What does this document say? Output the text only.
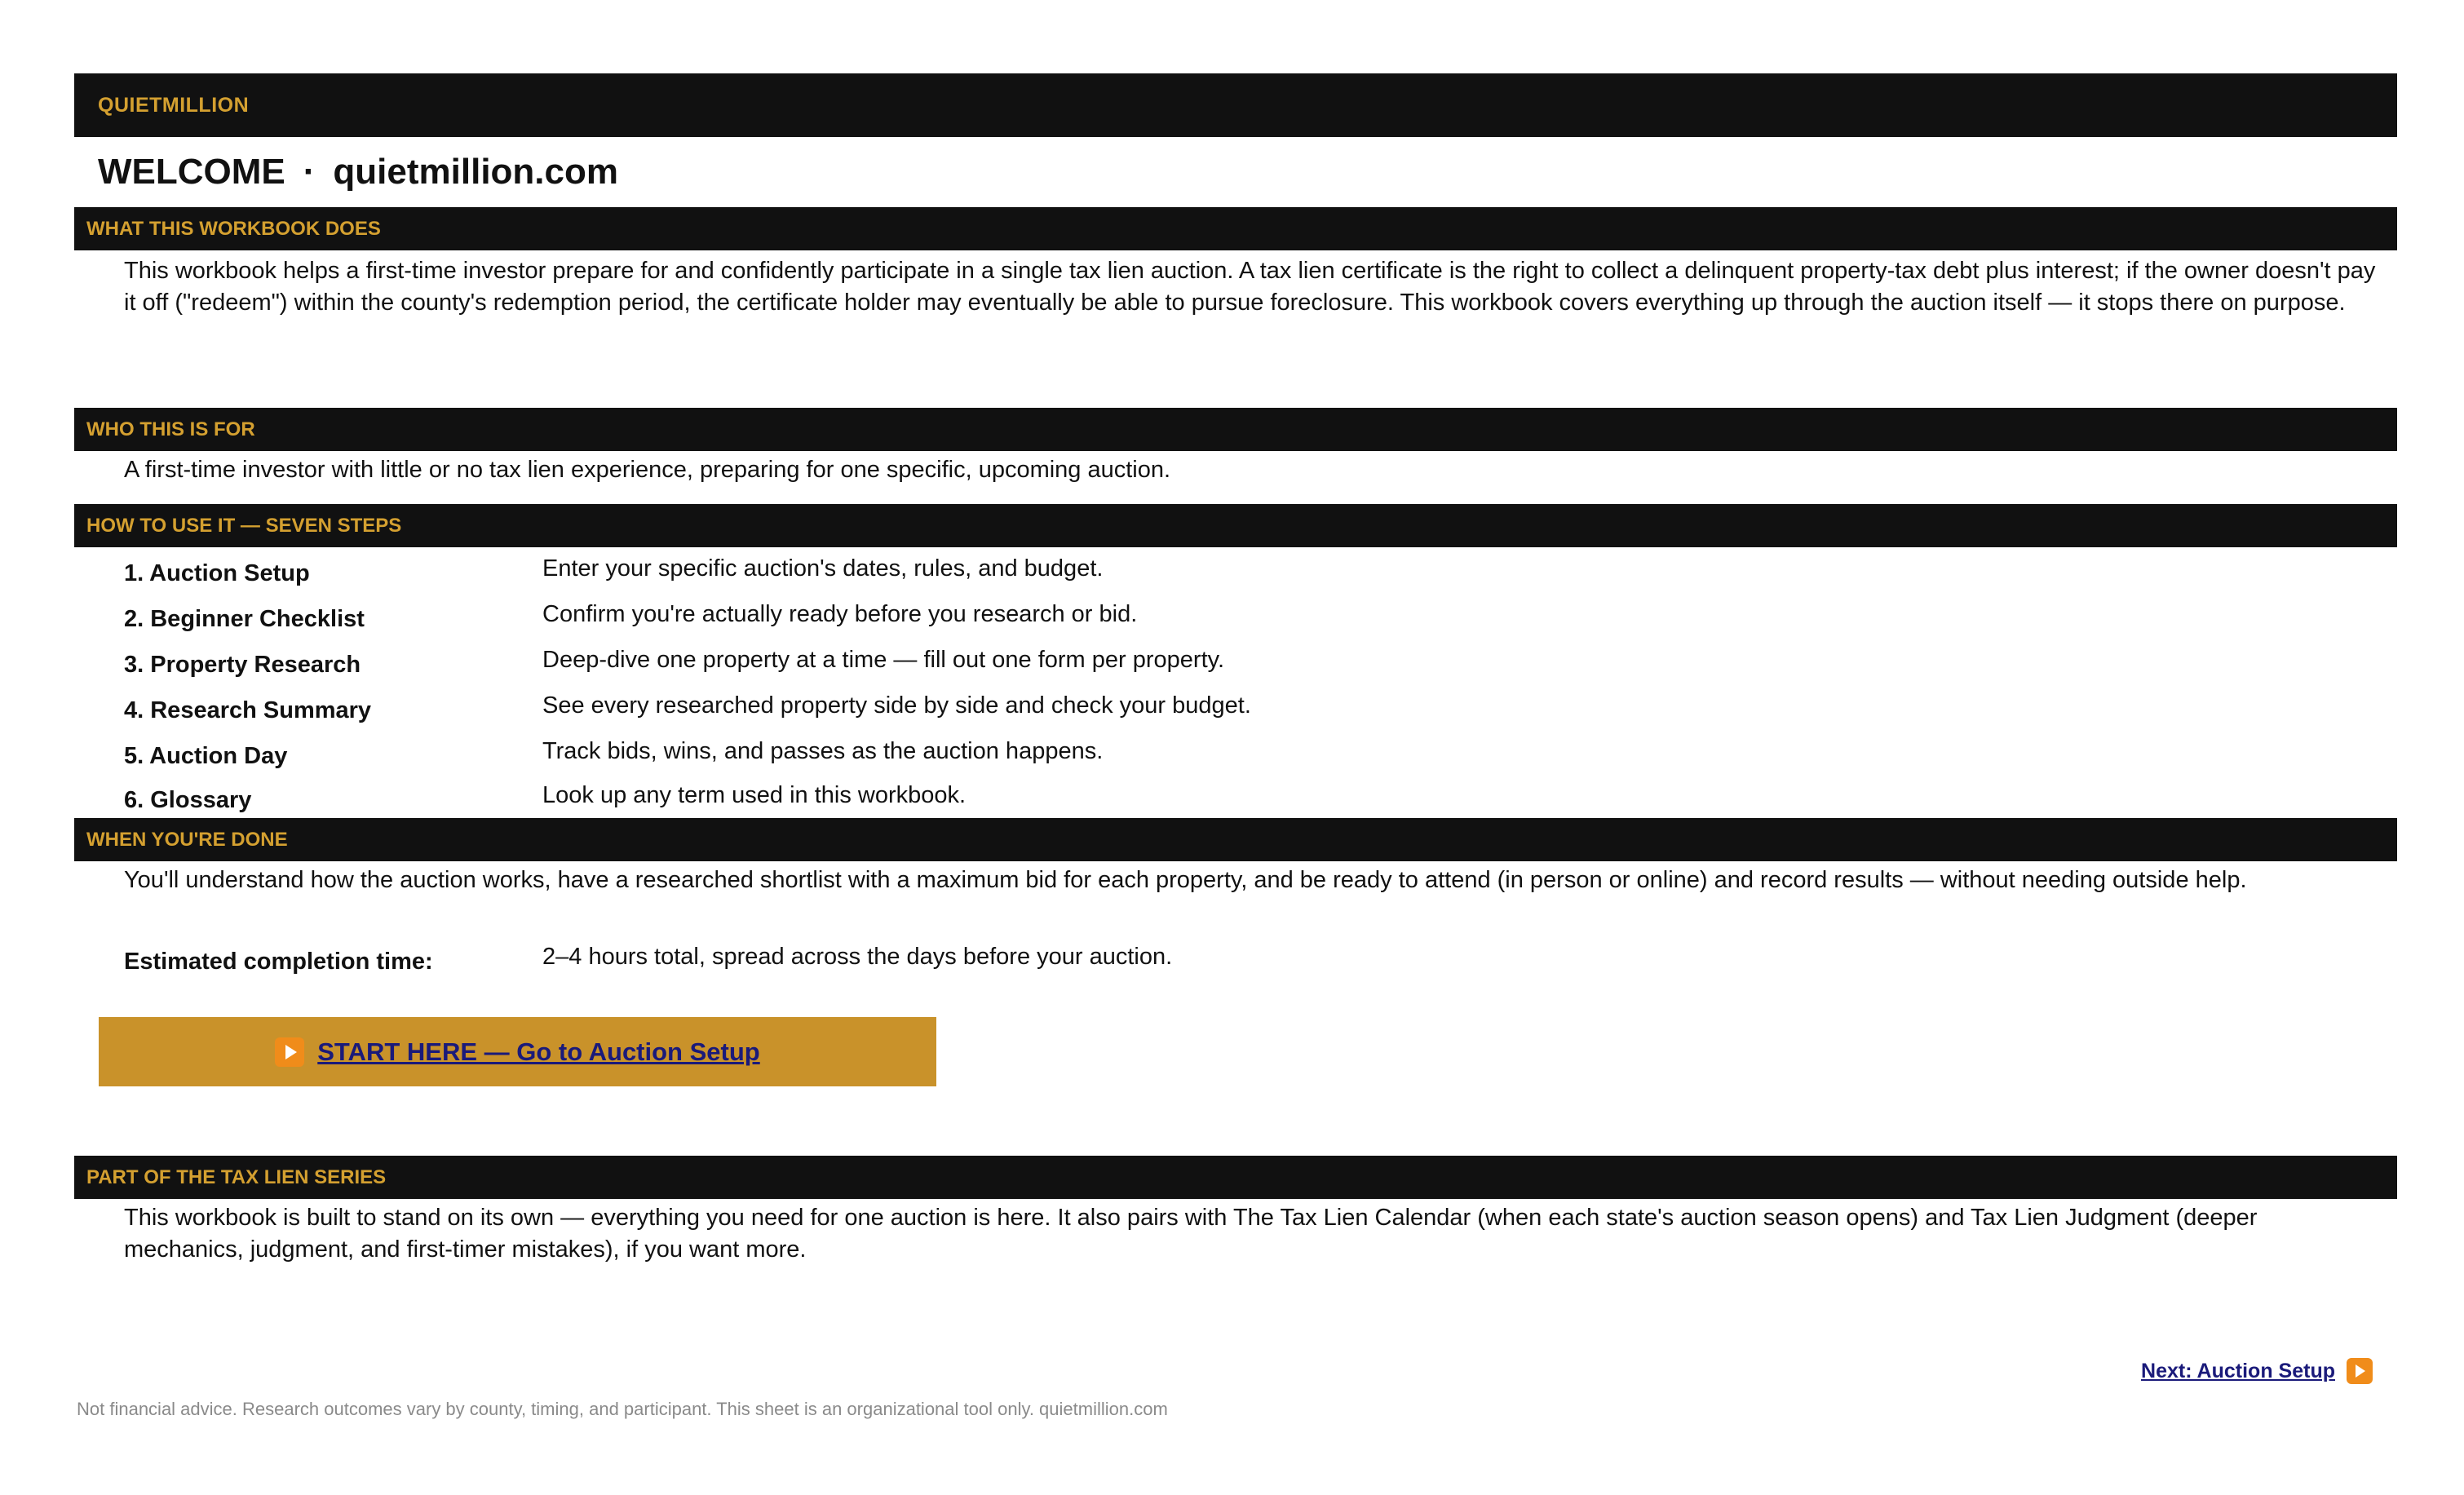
QUIETMILLION
WELCOME · quietmillion.com
WHAT THIS WORKBOOK DOES
This workbook helps a first-time investor prepare for and confidently participate in a single tax lien auction. A tax lien certificate is the right to collect a delinquent property-tax debt plus interest; if the owner doesn't pay it off ("redeem") within the county's redemption period, the certificate holder may eventually be able to pursue foreclosure. This workbook covers everything up through the auction itself — it stops there on purpose.
WHO THIS IS FOR
A first-time investor with little or no tax lien experience, preparing for one specific, upcoming auction.
HOW TO USE IT — SEVEN STEPS
1. Auction Setup	Enter your specific auction's dates, rules, and budget.
2. Beginner Checklist	Confirm you're actually ready before you research or bid.
3. Property Research	Deep-dive one property at a time — fill out one form per property.
4. Research Summary	See every researched property side by side and check your budget.
5. Auction Day	Track bids, wins, and passes as the auction happens.
6. Glossary	Look up any term used in this workbook.
WHEN YOU'RE DONE
You'll understand how the auction works, have a researched shortlist with a maximum bid for each property, and be ready to attend (in person or online) and record results — without needing outside help.
Estimated completion time:	2–4 hours total, spread across the days before your auction.
START HERE — Go to Auction Setup
PART OF THE TAX LIEN SERIES
This workbook is built to stand on its own — everything you need for one auction is here. It also pairs with The Tax Lien Calendar (when each state's auction season opens) and Tax Lien Judgment (deeper mechanics, judgment, and first-timer mistakes), if you want more.
Next: Auction Setup
Not financial advice. Research outcomes vary by county, timing, and participant. This sheet is an organizational tool only. quietmillion.com
